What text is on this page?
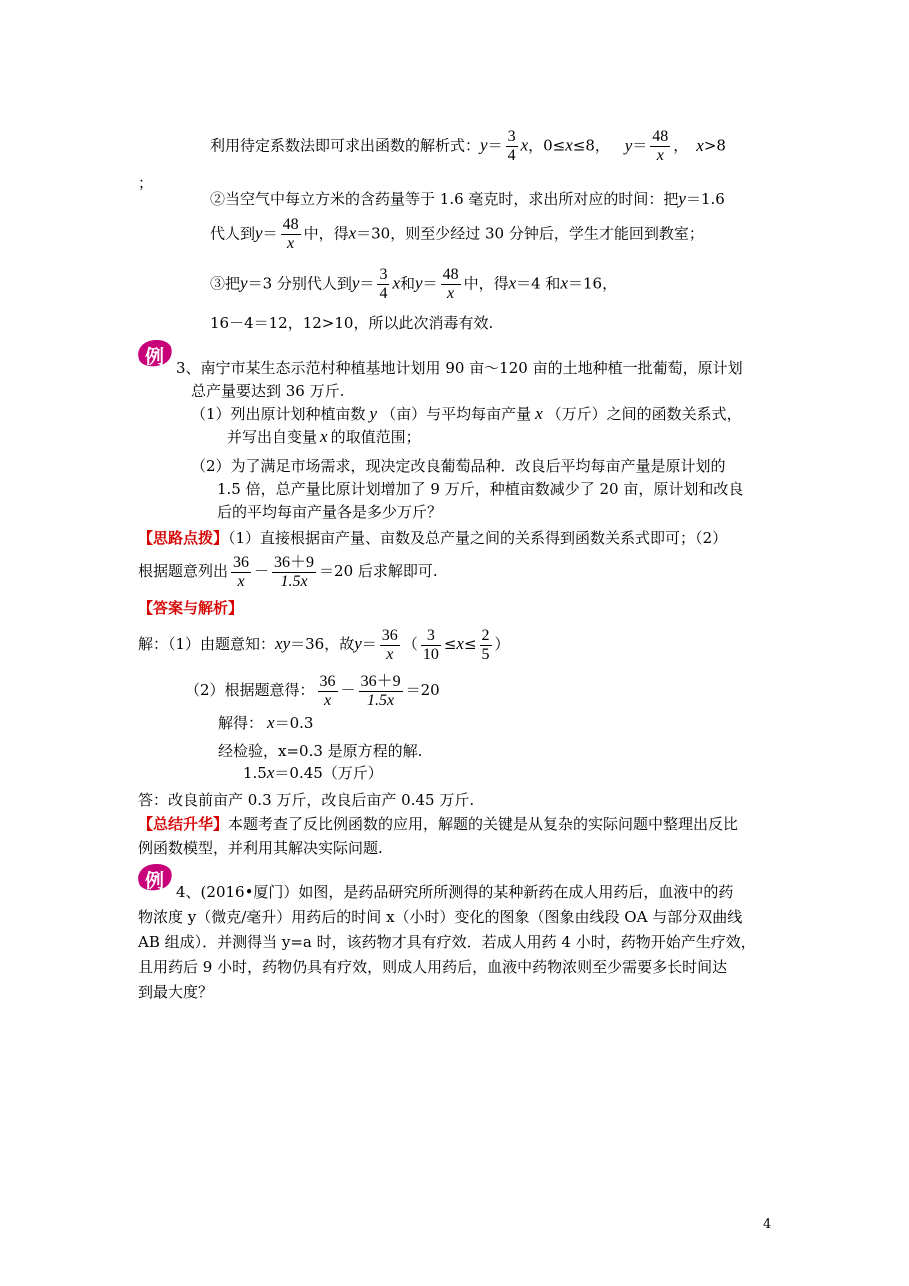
利用待定系数法即可求出函数的解析式：$y= \frac{3}{4}$ x，0≤x≤8， $y= \frac{48}{x}$ ， x>8
；
②当空气中每立方米的含药量等于 1.6 毫克时，求出所对应的时间：把y＝1.6
代人到$y= \frac{48}{x}$ 中，得x＝30，则至少经过 30 分钟后，学生才能回到教室；
③把y＝3 分别代人到$y= \frac{3}{4}$ x和$y= \frac{48}{x}$ 中，得x＝4 和x＝16，
16－4＝12，12>10，所以此次消毒有效.
例 3、南宁市某生态示范村种植基地计划用 90 亩～120 亩的土地种植一批葡萄，原计划
总产量要达到 36 万斤.
（1）列出原计划种植亩数 y （亩）与平均每亩产量 x （万斤）之间的函数关系式，
并写出自变量 x 的取值范围；
（2）为了满足市场需求，现决定改良葡萄品种．改良后平均每亩产量是原计划的
1.5 倍，总产量比原计划增加了 9 万斤，种植亩数减少了 20 亩，原计划和改良
后的平均每亩产量各是多少万斤？
【思路点拨】（1）直接根据亩产量、亩数及总产量之间的关系得到函数关系式即可；（2）
根据题意列出 $\frac{36}{x} - \frac{36+9}{1.5x} =20$ 后求解即可.
【答案与解析】
解：（1）由题意知：xy＝36，故$y= \frac{36}{x}$ （ $\frac{3}{10} \le x\le \frac{2}{5}$ ）
（2）根据题意得： $\frac{36}{x} - \frac{36+9}{1.5x} =20$
解得： x＝0.3
经检验，x=0.3 是原方程的解.
1.5x＝0.45（万斤）
答：改良前亩产 0.3 万斤，改良后亩产 0.45 万斤.
【总结升华】本题考查了反比例函数的应用，解题的关键是从复杂的实际问题中整理出反比
例函数模型，并利用其解决实际问题.
例 4、(2016•厦门）如图，是药品研究所所测得的某种新药在成人用药后，血液中的药
物浓度 y（微克/毫升）用药后的时间 x（小时）变化的图象（图象由线段 OA 与部分双曲线
AB 组成）．并测得当 y=a 时，该药物才具有疗效．若成人用药 4 小时，药物开始产生疗效，
且用药后 9 小时，药物仍具有疗效，则成人用药后，血液中药物浓则至少需要多长时间达
到最大度？
4
